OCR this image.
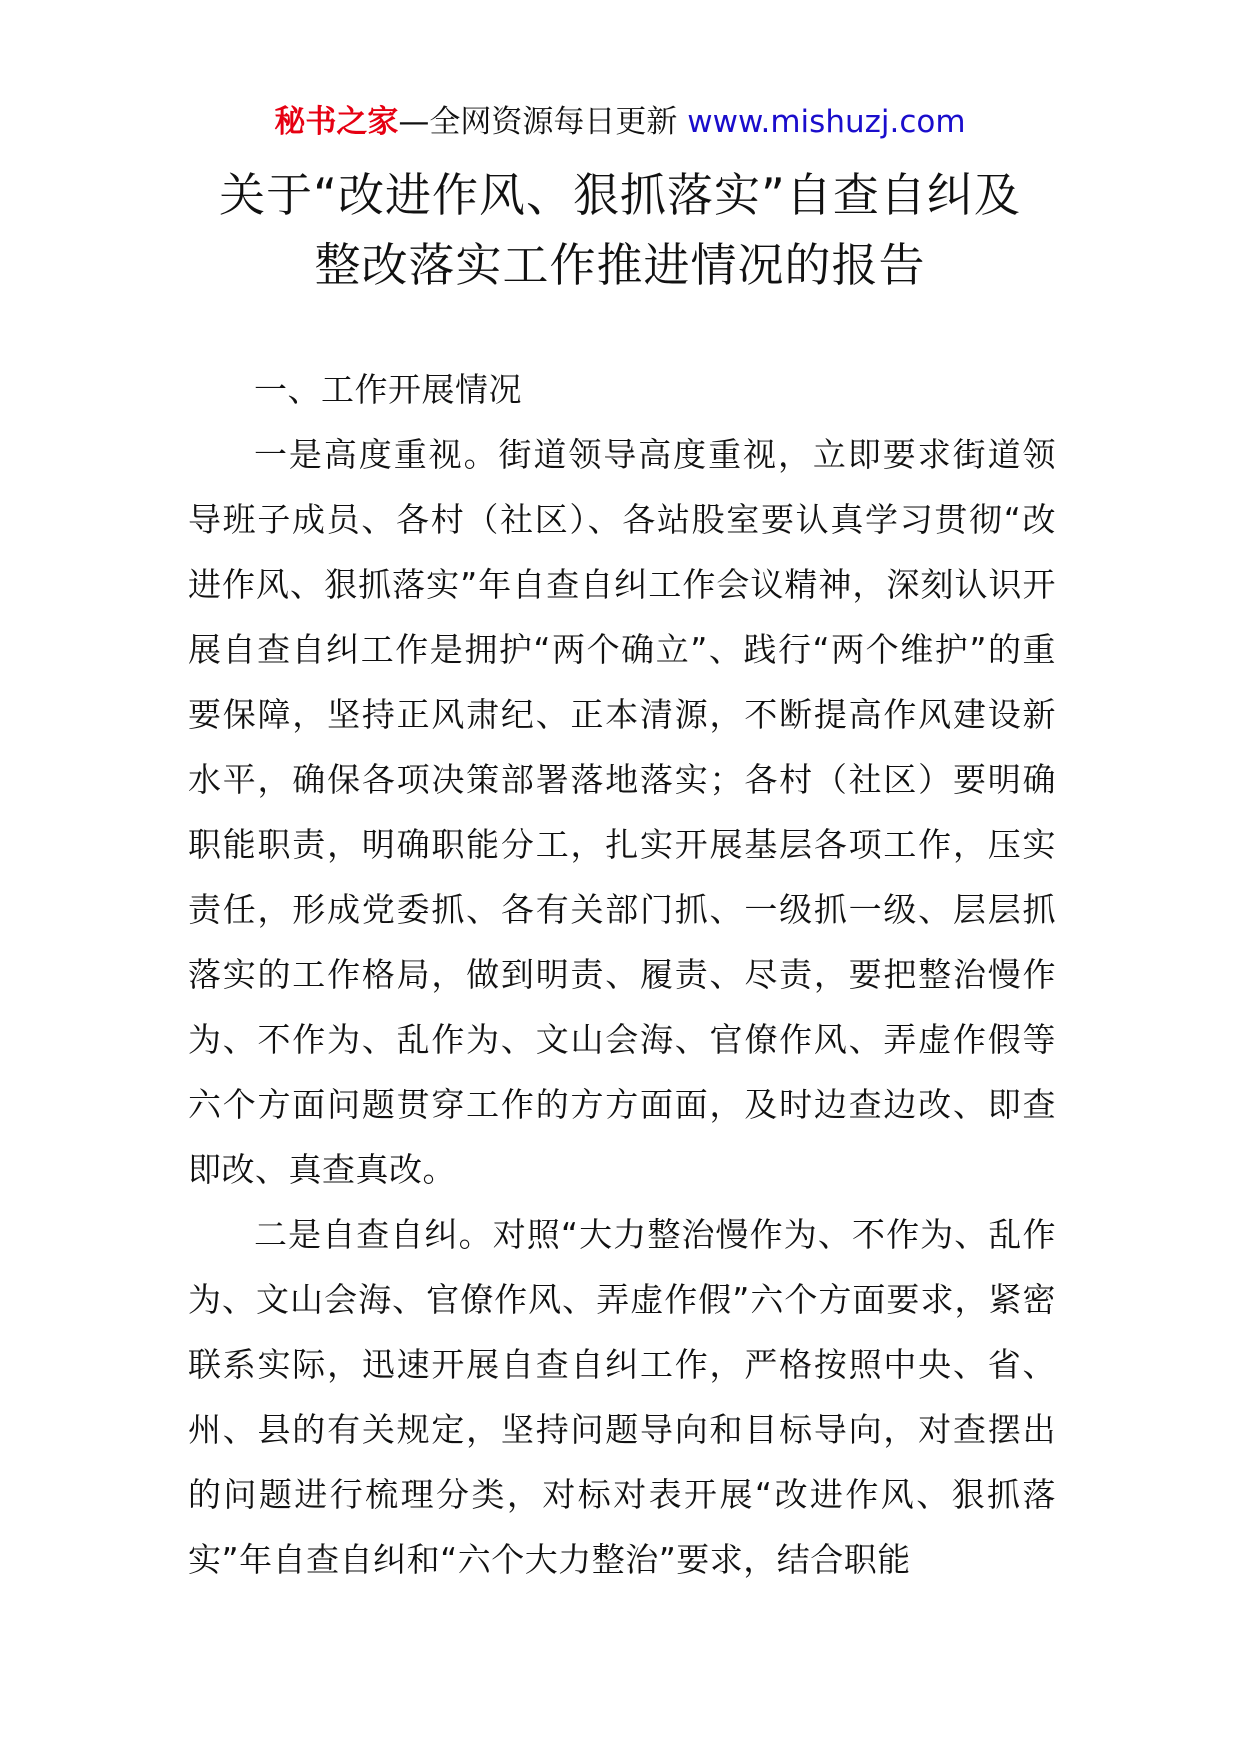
秘书之家—全网资源每日更新 www.mishuzj.com
关于“改进作风、狠抓落实”自查自纠及
整改落实工作推进情况的报告

一、工作开展情况

一是高度重视。街道领导高度重视，立即要求街道领导班子成员、各村（社区）、各站股室要认真学习贯彻“改进作风、狠抓落实”年自查自纠工作会议精神，深刻认识开展自查自纠工作是拥护“两个确立”、践行“两个维护”的重要保障，坚持正风肃纪、正本清源，不断提高作风建设新水平，确保各项决策部署落地落实；各村（社区）要明确职能职责，明确职能分工，扎实开展基层各项工作，压实责任，形成党委抓、各有关部门抓、一级抓一级、层层抓落实的工作格局，做到明责、履责、尽责，要把整治慢作为、不作为、乱作为、文山会海、官僚作风、弄虚作假等六个方面问题贯穿工作的方方面面，及时边查边改、即查即改、真查真改。

二是自查自纠。对照“大力整治慢作为、不作为、乱作为、文山会海、官僚作风、弄虚作假”六个方面要求，紧密联系实际，迅速开展自查自纠工作，严格按照中央、省、州、县的有关规定，坚持问题导向和目标导向，对查摆出的问题进行梳理分类，对标对表开展“改进作风、狠抓落实”年自查自纠和“六个大力整治”要求，结合职能
